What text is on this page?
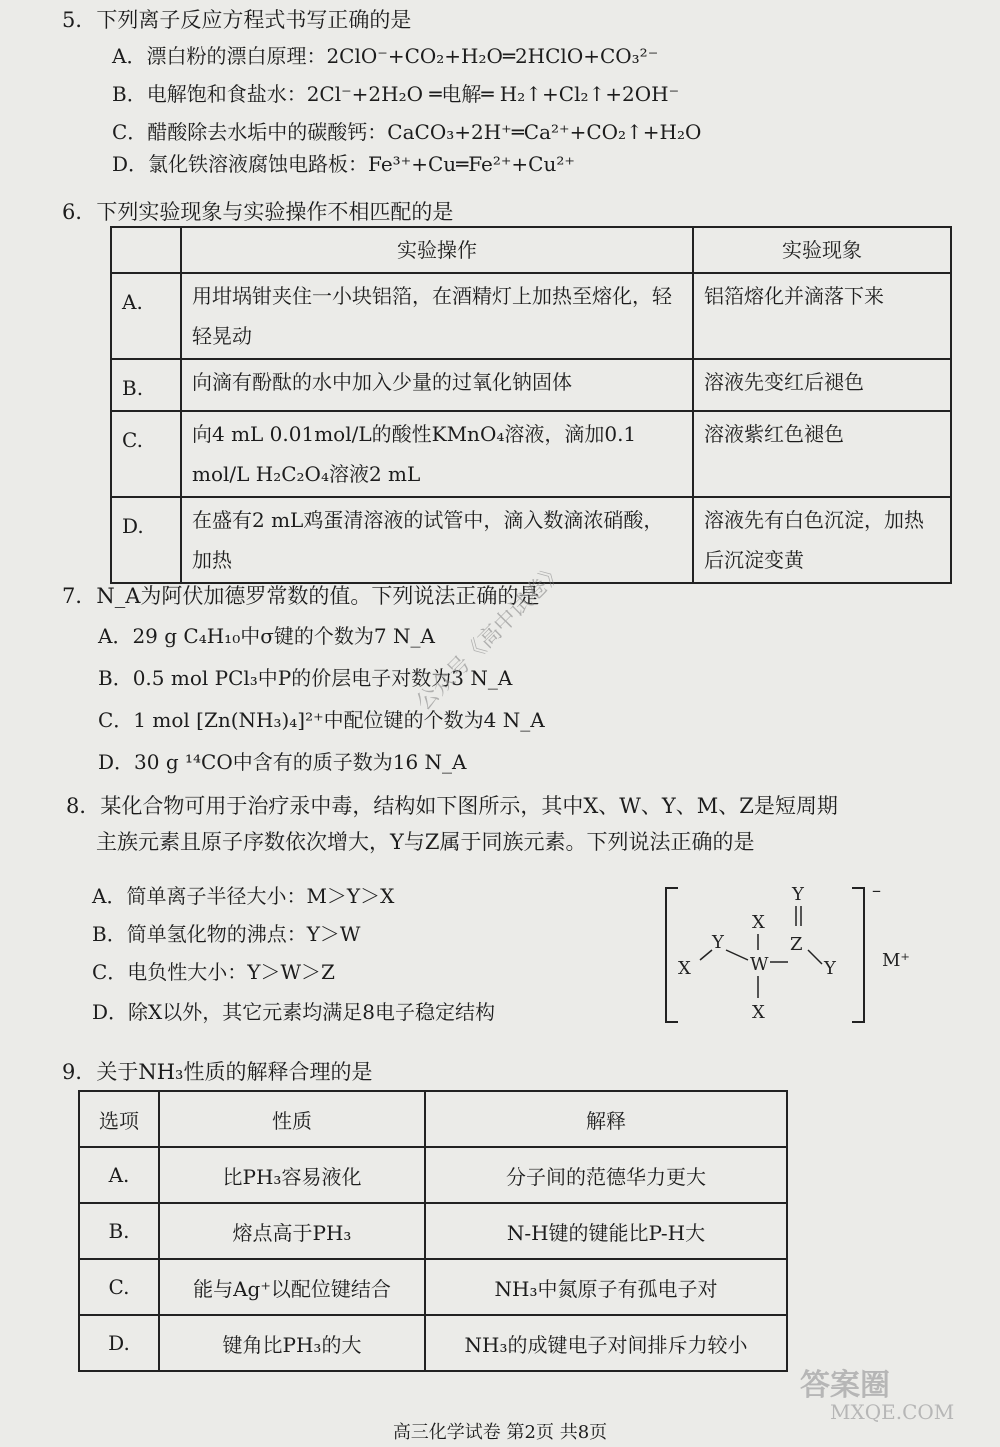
5．下列离子反应方程式书写正确的是
A．漂白粉的漂白原理：2ClO⁻+CO₂+H₂O═2HClO+CO₃²⁻
B．电解饱和食盐水：2Cl⁻+2H₂O ═电解═ H₂↑+Cl₂↑+2OH⁻
C．醋酸除去水垢中的碳酸钙：CaCO₃+2H⁺═Ca²⁺+CO₂↑+H₂O
D．氯化铁溶液腐蚀电路板：Fe³⁺+Cu═Fe²⁺+Cu²⁺
6．下列实验现象与实验操作不相匹配的是
	实验操作	实验现象
A.	用坩埚钳夹住一小块铝箔，在酒精灯上加热至熔化，轻轻晃动	铝箔熔化并滴落下来
B.	向滴有酚酞的水中加入少量的过氧化钠固体	溶液先变红后褪色
C.	向4 mL 0.01mol/L的酸性KMnO₄溶液，滴加0.1 mol/L H₂C₂O₄溶液2 mL	溶液紫红色褪色
D.	在盛有2 mL鸡蛋清溶液的试管中，滴入数滴浓硝酸，加热	溶液先有白色沉淀，加热后沉淀变黄
7．N_A为阿伏加德罗常数的值。下列说法正确的是
A．29 g C₄H₁₀中σ键的个数为7 N_A
B．0.5 mol PCl₃中P的价层电子对数为3 N_A
C．1 mol [Zn(NH₃)₄]²⁺中配位键的个数为4 N_A
D．30 g ¹⁴CO中含有的质子数为16 N_A
8．某化合物可用于治疗汞中毒，结构如下图所示，其中X、W、Y、M、Z是短周期
主族元素且原子序数依次增大，Y与Z属于同族元素。下列说法正确的是
A．简单离子半径大小：M＞Y＞X
B．简单氢化物的沸点：Y＞W
C．电负性大小：Y＞W＞Z
D．除X以外，其它元素均满足8电子稳定结构
–
Y
X
Y
W
Z
Y
X
X
M⁺
9．关于NH₃性质的解释合理的是
选项	性质	解释
A.	比PH₃容易液化	分子间的范德华力更大
B.	熔点高于PH₃	N-H键的键能比P-H大
C.	能与Ag⁺以配位键结合	NH₃中氮原子有孤电子对
D.	键角比PH₃的大	NH₃的成键电子对间排斥力较小
公众号《高中试卷》
答案圈
MXQE.COM
高三化学试卷 第2页 共8页
